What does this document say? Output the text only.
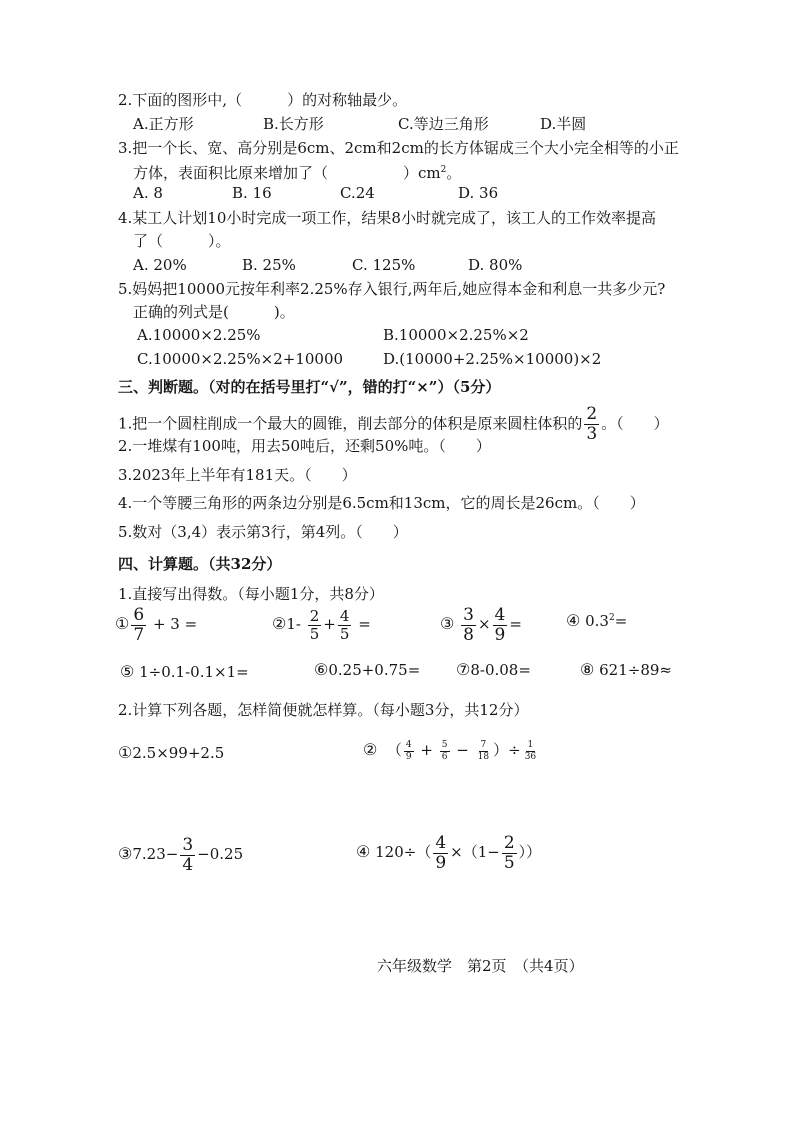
2.下面的图形中,（　　　）的对称轴最少。
A.正方形	B.长方形	C.等边三角形	D.半圆
3.把一个长、宽、高分别是6cm、2cm和2cm的长方体锯成三个大小完全相等的小正
方体，表面积比原来增加了（　　　　　）$cm^2$。
A. 8	B. 16	C.24	D. 36
4.某工人计划10小时完成一项工作，结果8小时就完成了，该工人的工作效率提高
了（　　　）。
A. 20%	B. 25%	C. 125%	D. 80%
5.妈妈把10000元按年利率2.25%存入银行,两年后,她应得本金和利息一共多少元?
正确的列式是(　　　)。
A.10000×2.25%	B.10000×2.25%×2
C.10000×2.25%×2+10000	D.(10000+2.25%×10000)×2
三、判断题。（对的在括号里打“√”，错的打“×”）（5分）
1.把一个圆柱削成一个最大的圆锥，削去部分的体积是原来圆柱体积的 $\frac{2}{3}$ 。（　　）
2.一堆煤有100吨，用去50吨后，还剩50%吨。（　　）
3.2023年上半年有181天。（　　）
4.一个等腰三角形的两条边分别是6.5cm和13cm，它的周长是26cm。（　　）
5.数对（3,4）表示第3行，第4列。（　　）
四、计算题。（共32分）
1.直接写出得数。（每小题1分，共8分）
① $\frac{6}{7} + 3$ =	②1- $\frac{2}{5} + \frac{4}{5}$ =	③ $\frac{3}{8} \times \frac{4}{9}$ =	④ $0.3^2=$
⑤ 1÷0.1-0.1×1=	⑥0.25+0.75= ⑦8-0.08=	⑧ 621÷89≈
2.计算下列各题，怎样简便就怎样算。（每小题3分，共12分）
①2.5×99+2.5	② （ $\frac{4}{9} + \frac{5}{6} - \frac{7}{18}$ ）÷ $\frac{1}{36}$
③7.23− $\frac{3}{4} -0.25$	④ $120\div( \frac{4}{9} \times(1- \frac{2}{5}$ ））
六年级数学　第2页　（共4页）
